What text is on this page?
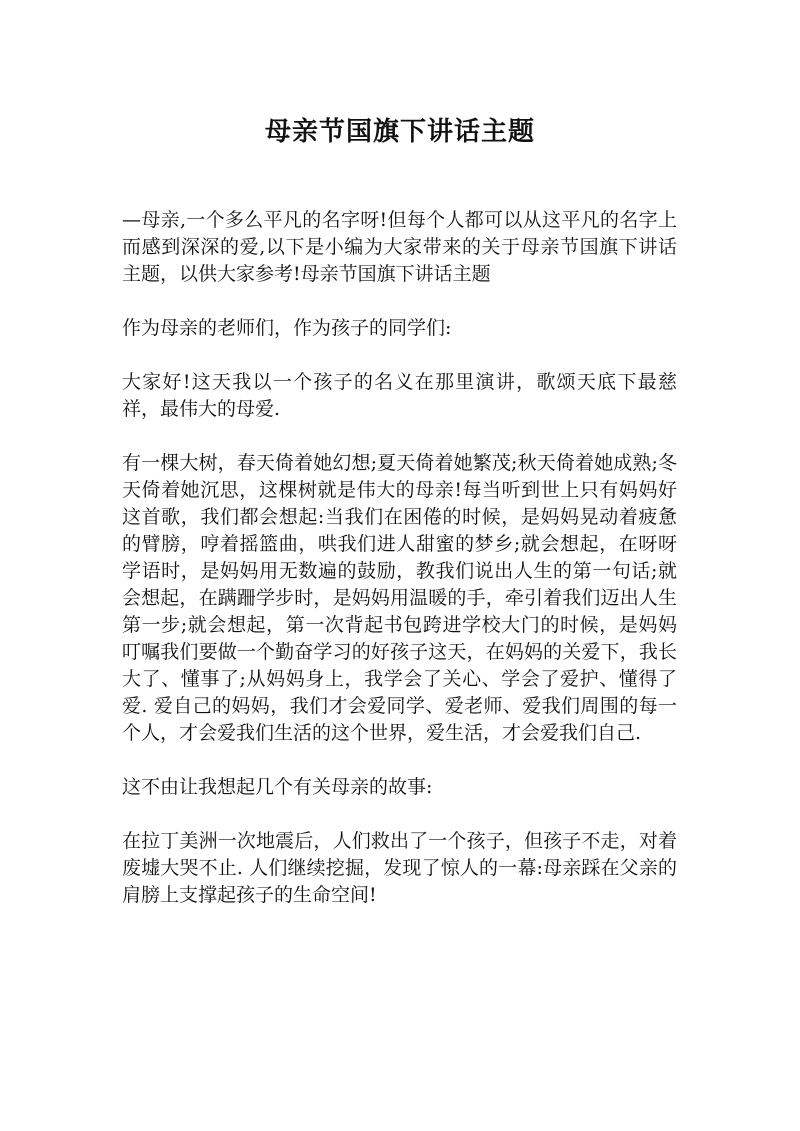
母亲节国旗下讲话主题

—母亲,一个多么平凡的名字呀!但每个人都可以从这平凡的名字上而感到深深的爱,以下是小编为大家带来的关于母亲节国旗下讲话主题，以供大家参考!母亲节国旗下讲话主题

作为母亲的老师们，作为孩子的同学们:

大家好!这天我以一个孩子的名义在那里演讲，歌颂天底下最慈祥，最伟大的母爱.

有一棵大树，春天倚着她幻想;夏天倚着她繁茂;秋天倚着她成熟;冬天倚着她沉思，这棵树就是伟大的母亲!每当听到世上只有妈妈好这首歌，我们都会想起:当我们在困倦的时候，是妈妈晃动着疲惫的臂膀，哼着摇篮曲，哄我们进人甜蜜的梦乡;就会想起，在呀呀学语时，是妈妈用无数遍的鼓励，教我们说出人生的第一句话;就会想起，在蹒跚学步时，是妈妈用温暖的手，牵引着我们迈出人生第一步;就会想起，第一次背起书包跨进学校大门的时候，是妈妈叮嘱我们要做一个勤奋学习的好孩子这天，在妈妈的关爱下，我长大了、懂事了;从妈妈身上，我学会了关心、学会了爱护、懂得了爱. 爱自己的妈妈，我们才会爱同学、爱老师、爱我们周围的每一个人，才会爱我们生活的这个世界，爱生活，才会爱我们自己.

这不由让我想起几个有关母亲的故事:

在拉丁美洲一次地震后，人们救出了一个孩子，但孩子不走，对着废墟大哭不止. 人们继续挖掘，发现了惊人的一幕:母亲踩在父亲的肩膀上支撑起孩子的生命空间!
